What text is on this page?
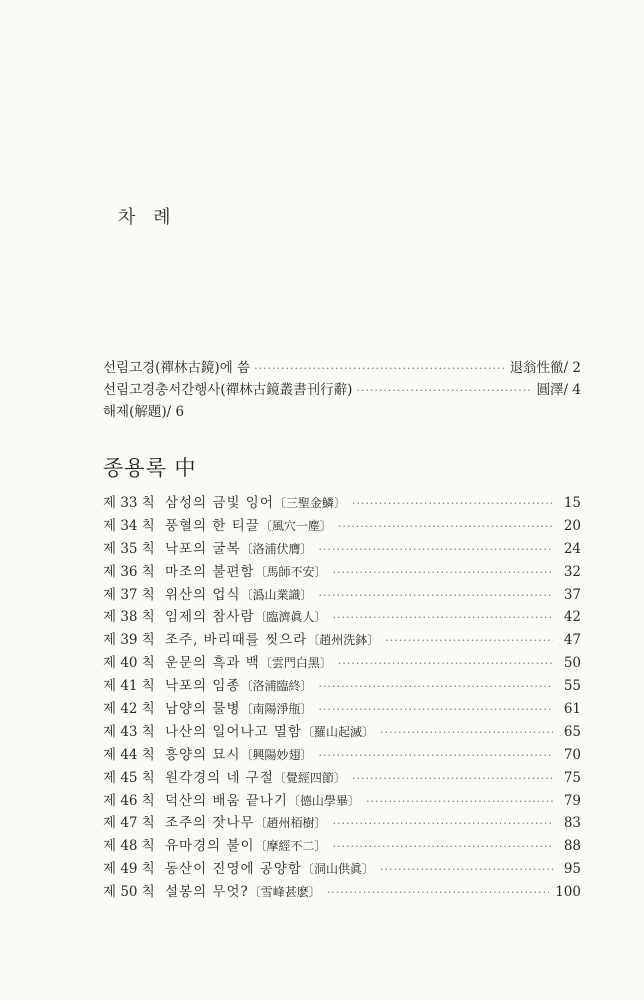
차 례
선림고경(禪林古鏡)에 씀 ·····	退翁性徹/ 2
선림고경총서간행사(禪林古鏡叢書刊行辭) ·····	圓澤/ 4
해제(解題)/ 6
종용록 中
제 33 칙 삼성의 금빛 잉어 〔三聖金鱗〕 ·····	15
제 34 칙 풍혈의 한 티끌 〔風穴一塵〕 ·····	20
제 35 칙 낙포의 굴복 〔洛浦伏膺〕 ·····	24
제 36 칙 마조의 불편함 〔馬師不安〕 ·····	32
제 37 칙 위산의 업식 〔潙山業識〕 ·····	37
제 38 칙 임제의 참사람 〔臨濟眞人〕 ·····	42
제 39 칙 조주, 바리때를 씻으라 〔趙州洗鉢〕 ·····	47
제 40 칙 운문의 흑과 백 〔雲門白黑〕 ·····	50
제 41 칙 낙포의 임종 〔洛浦臨終〕 ·····	55
제 42 칙 남양의 물병 〔南陽淨甁〕 ·····	61
제 43 칙 나산의 일어나고 멸함 〔羅山起滅〕 ·····	65
제 44 칙 흥양의 묘시 〔興陽妙翅〕 ·····	70
제 45 칙 원각경의 네 구절 〔覺經四節〕 ·····	75
제 46 칙 덕산의 배움 끝나기 〔德山學畢〕 ·····	79
제 47 칙 조주의 잣나무 〔趙州栢樹〕 ·····	83
제 48 칙 유마경의 불이 〔摩經不二〕 ·····	88
제 49 칙 동산이 진영에 공양함 〔洞山供眞〕 ·····	95
제 50 칙 설봉의 무엇? 〔雪峰甚麽〕 ·····	100
